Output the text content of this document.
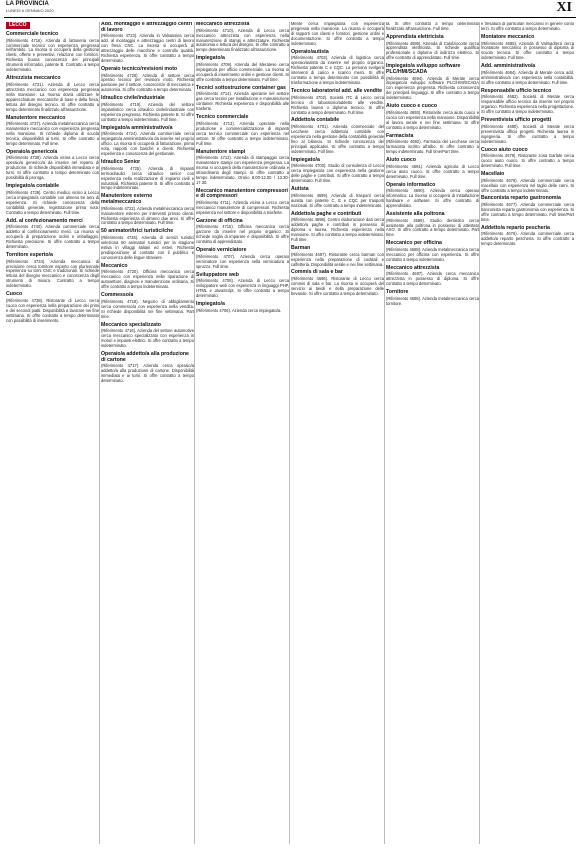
LA PROVINCIA
LUNEDÌ 6 GENNAIO 2020	XI
LECCO
Commerciale tecnico
(Riferimento 4716). Azienda di lattoneria cerca commerciale tecnico con esperienza pregressa nell'ambito. La risorsa si occuperà della gestione clienti, offerte e preventivi, relazione con fornitori. Richiesta buona conoscenza dei principali strumenti informatici, patente B. Contratto a tempo indeterminato.
Attrezzista meccanico
(Riferimento 4731). Azienda di Lecco cerca attrezzista meccanico con esperienza pregressa nella mansione. La risorsa dovrà utilizzare le apparecchiature meccaniche di base e della fresa, lettura del disegno tecnico. Si offre contratto a tempo determinato finalizzato all'assunzione.
Manutentore meccanico
(Riferimento 4737). Azienda metalmeccanica cerca manutentore meccanico con esperienza pregressa nella mansione. Si richiede diploma di scuola tecnica, disponibilità ai turni. Si offre contratto a tempo determinato. Full time.
Operaio/a generico/a
(Riferimento 4738). Azienda vicina a Lecco cerca operaio/a generico/a da inserire nel reparto di produzione. Si richiede disponibilità immediata e ai turni. Si offre contratto a tempo determinato con possibilità di proroga.
Impiegato/a contabile
(Riferimento 4739). Centro medico vicino a Lecco cerca impiegato/a contabile con almeno tre anni di esperienza. Si richiede conoscenza della contabilità generale, registrazione prima nota. Contratto a tempo determinato. Full time.
Add. al confezionamento merci
(Riferimento 4740). Azienda commerciale cerca addetto al confezionamento merci. La risorsa si occuperà di preparazione ordini e imballaggio. Richiesta precisione. Si offre contratto a tempo determinato.
Tornitore esperto/a
(Riferimento 4734). Azienda meccanica di precisione cerca tornitore esperto con pluriennale esperienza su torni CNC e tradizionali. Si richiede lettura del disegno meccanico e conoscenza degli strumenti di misura. Contratto a tempo indeterminato.
Cuoco
(Riferimento 4738). Ristorante di Lecco cerca cuoco con esperienza nella preparazione dei primi e dei secondi piatti. Disponibilità a lavorare nei fine settimana. Si offre contratto a tempo determinato con possibilità di inserimento.
Add. montaggio e attrezzaggio centri di lavoro
(Riferimento 4723). Azienda in Valsassina cerca add. al montaggio e attrezzaggio centri di lavoro con fresa CNC. La risorsa si occuperà di attrezzaggio delle macchine e controllo qualità. Richiesta esperienza. Si offre contratto a tempo determinato.
Operaio tecnico/revisioni moto
(Riferimento 4726). Azienda di settore cerca operaio tecnico per revisioni moto. Richiesta passione per il settore, conoscenze di meccanica e autonomia. Si offre contratto a tempo determinato.
Idraulico civile/industriale
(Riferimento 4719). Azienda del settore impiantistico cerca idraulico civile/industriale con esperienza pregressa. Richiesta patente B. Si offre contratto a tempo indeterminato. Full time.
Impiegato/a amministrativo/a
(Riferimento 4724). Azienda commerciale cerca impiegato/a amministrativo/a da inserire nel proprio ufficio. La risorsa si occuperà di fatturazione, prima nota, rapporti con banche e clienti. Richiesta esperienza e conoscenza del gestionale.
Idraulico Senior
(Riferimento 4725). Azienda di impianti termoidraulici cerca idraulico senior con esperienza nella realizzazione di impianti civili e industriali. Richiesta patente B. Si offre contratto a tempo indeterminato.
Manutentore esterno metalmeccanico
(Riferimento 4722). Azienda metalmeccanica cerca manutentore esterno per interventi presso clienti. Richiesta esperienza di almeno due anni. Si offre contratto a tempo determinato. Full time.
50 animatori/trici turistici/che
(Riferimento 4726). Azienda di servizi turistici seleziona 50 animatori turistici per la stagione estiva in villaggi italiani ed esteri. Richiesta predisposizione al contatto con il pubblico e conoscenza delle lingue straniere.
Meccanico
(Riferimento 4720). Officina meccanica cerca meccanico con esperienza nella riparazione di autovetture, diagnosi e manutenzione ordinaria. Si offre contratto a tempo indeterminato.
Commesso/a
(Riferimento 4718). Negozio di abbigliamento cerca commesso/a con esperienza nella vendita. Si richiede disponibilità nei fine settimana. Part time.
Meccanico specializzato
(Riferimento 4716). Azienda del settore automotive cerca meccanico specializzato con esperienza in motori e impianti elettrici. Si offre contratto a tempo indeterminato.
Operaio/a addetto/a alla produzione di cartone
(Riferimento 4717). Azienda cerca operaio/a addetto/a alla produzione di cartone. Disponibilità immediata e ai turni. Si offre contratto a tempo determinato.
Meccanico attrezzista
(Riferimento 4710). Azienda di Lecco cerca meccanico attrezzista con esperienza nella manutenzione di stampi e attrezzature. Richiesta autonomia e lettura del disegno. Si offre contratto a tempo determinato finalizzato all'assunzione.
Impiegato/a
(Riferimento 4709). Azienda del Meratese cerca impiegato/a per ufficio commerciale. La risorsa si occuperà di inserimento ordini e gestione clienti. Si offre contratto a tempo determinato. Full time.
Tecnici sottostruzione container gas
(Riferimento 4714). Azienda operante nel settore gas cerca tecnici per installazione e manutenzione container. Richiesta esperienza e disponibilità alle trasferte.
Tecnico commerciale
(Riferimento 4713). Azienda operante nella produzione e commercializzazione di impianti cerca tecnico commerciale con esperienza nel settore. Si offre contratto a tempo indeterminato. Full time.
Manutentore stampi
(Riferimento 4712). Azienda di stampaggio cerca manutentore stampi con esperienza pregressa. La risorsa si occuperà della manutenzione ordinaria e straordinaria degli stampi. Si offre contratto a tempo indeterminato. Orario 8.00-12.00 / 13.30-17.30.
Meccanico manutentore compressori e di compressori
(Riferimento 4711). Azienda vicina a Lecco cerca meccanico manutentore di compressori. Richiesta esperienza nel settore e disponibilità a trasferte.
Garzone di officina
(Riferimento 4715). Officina meccanica cerca garzone da inserire nel proprio organico. Si richiede voglia di imparare e disponibilità. Si offre contratto di apprendistato.
Operaio verniciatore
(Riferimento 4707). Azienda cerca operaio verniciatore con esperienza nella verniciatura a spruzzo. Full time.
Sviluppatore web
(Riferimento 4708). Azienda di Lecco cerca sviluppatore web con esperienza in linguaggi PHP, HTML e JavaScript. Si offre contratto a tempo determinato.
Impiegato/a
(Riferimento 4706). Azienda cerca impiegato/a.
Mente cerca impiegato/a con esperienza pregressa nella mansione. La risorsa si occuperà di rapporti con clienti e fornitori, gestione ordini e documentazione. Si offre contratto a tempo indeterminato.
Operaio/autista
(Riferimento 4703). Azienda di logistica cerca operaio/autista da inserire nel proprio organico. Richiesta patente C e CQC. La persona svolgerà interventi di carico e scarico merci. Si offre contratto a tempo determinato con possibilità di trasformazione a tempo indeterminato.
Tecnico laboratorio/ add. alle vendite
(Riferimento 4702). Società ITC di Lecco cerca tecnico di laboratorio/addetto alle vendite. Richiesta laurea o diploma tecnico. Si offre contratto a tempo determinato. Full time.
Addetto/a contabile
(Riferimento 4701). Azienda commerciale del Lecchese cerca addetto/a contabile con esperienza nella gestione della contabilità generale fino al bilancio. Si richiede conoscenza dei principali applicativi. Si offre contratto a tempo indeterminato. Full time.
Impiegato/a
(Riferimento 4700). Studio di consulenza di Lecco cerca impiegato/a con esperienza nella gestione delle paghe e contributi. Si offre contratto a tempo determinato. Full time.
Autista
(Riferimento 4699). Azienda di trasporti cerca autista con patente C, E e CQC per trasporti nazionali. Si offre contratto a tempo indeterminato.
Addetto/a paghe e contributi
(Riferimento 4698). Centro elaborazione dati cerca addetto/a paghe e contributi in possesso di diploma o laurea. Richiesta esperienza nella mansione. Si offre contratto a tempo indeterminato. Full time.
Barman
(Riferimento 4697). Ristorante cerca barman con esperienza nella preparazione di cocktail e caffetteria. Disponibilità serale e nei fine settimana.
Commis di sala e bar
(Riferimento 4696). Ristorante di Lecco cerca commis di sala e bar. La risorsa si occuperà del servizio ai tavoli e della preparazione delle bevande. Si offre contratto a tempo determinato.
tà. Si offre contratto a tempo determinato finalizzato all'assunzione. Full time.
Apprendista elettricista
(Riferimento 4695). Azienda di Calolziocorte cerca apprendista elettricista. Si richiede qualifica professionale o diploma di indirizzo elettrico. Si offre contratto di apprendistato. Full time.
Impiegato/a sviluppo software PLC/HMI/SCADA
(Riferimento 4694). Azienda di Merate cerca impiegato/a sviluppo software PLC/HMI/SCADA con esperienza pregressa. Richiesta conoscenza dei principali linguaggi. Si offre contratto a tempo indeterminato.
Aiuto cuoco e cuoco
(Riferimento 4693). Ristorante cerca aiuto cuoco e cuoco con esperienza nella mansione. Disponibilità al lavoro serale e nei fine settimana. Si offre contratto a tempo determinato.
Farmacista
(Riferimento 4692). Farmacia del Lecchese cerca farmacista iscritto all'albo. Si offre contratto a tempo indeterminato. Full time/Part time.
Aiuto cuoco
(Riferimento 4691). Azienda agricola di Lecco cerca aiuto cuoco. Si offre contratto a tempo determinato. Full time.
Operaio informatico
(Riferimento 4690). Azienda cerca operaio informatico. La risorsa si occuperà di installazione hardware e software. Si offre contratto di apprendistato.
Assistente alla poltrona
(Riferimento 4689). Studio dentistico cerca assistente alla poltrona in possesso di attestato ASO. Si offre contratto a tempo determinato. Part time.
Meccanico per officina
(Riferimento 4688). Azienda metalmeccanica cerca meccanico per officina con esperienza. Si offre contratto a tempo indeterminato.
Meccanico attrezzista
(Riferimento 4687). Azienda cerca meccanico attrezzista in possesso di diploma. Si offre contratto a tempo determinato.
Tornitore
(Riferimento 4686). Azienda metalmeccanica cerca tornitore.
e fresatura di particolari meccanici in genere conto terzi. Si offre contratto a tempo determinato.
Montatore meccanico
(Riferimento 4685). Azienda di Valmadrera cerca montatore meccanico in possesso di diploma di scuola tecnica. Si offre contratto a tempo indeterminato. Full time.
Add. amministrativo/a
(Riferimento 4684). Azienda di Merate cerca add. amministrativo/a con esperienza nella contabilità. Si offre contratto a tempo determinato. Full time.
Responsabile ufficio tecnico
(Riferimento 4682). Società di Merate cerca responsabile ufficio tecnico da inserire nel proprio organico. Richiesta esperienza nella progettazione. Si offre contratto a tempo indeterminato.
Preventivista ufficio progetti
(Riferimento 4680). Società di Merate cerca preventivista ufficio progetti. Richiesta laurea in ingegneria. Si offre contratto a tempo indeterminato.
Cuoco aiuto cuoco
(Riferimento 4679). Ristorante zona Garlate cerca cuoco aiuto cuoco. Si offre contratto a tempo determinato. Full time.
Macellaio
(Riferimento 4678). Azienda commerciale cerca macellaio con esperienza nel taglio delle carni. Si offre contratto a tempo indeterminato.
Banconista reparto gastronomia
(Riferimento 4677). Azienda commerciale cerca banconista reparto gastronomia con esperienza. Si offre contratto a tempo determinato. Full time/Part time.
Addetto/a reparto pescheria
(Riferimento 4676). Azienda commerciale cerca addetto/a reparto pescheria. Si offre contratto a tempo determinato.
